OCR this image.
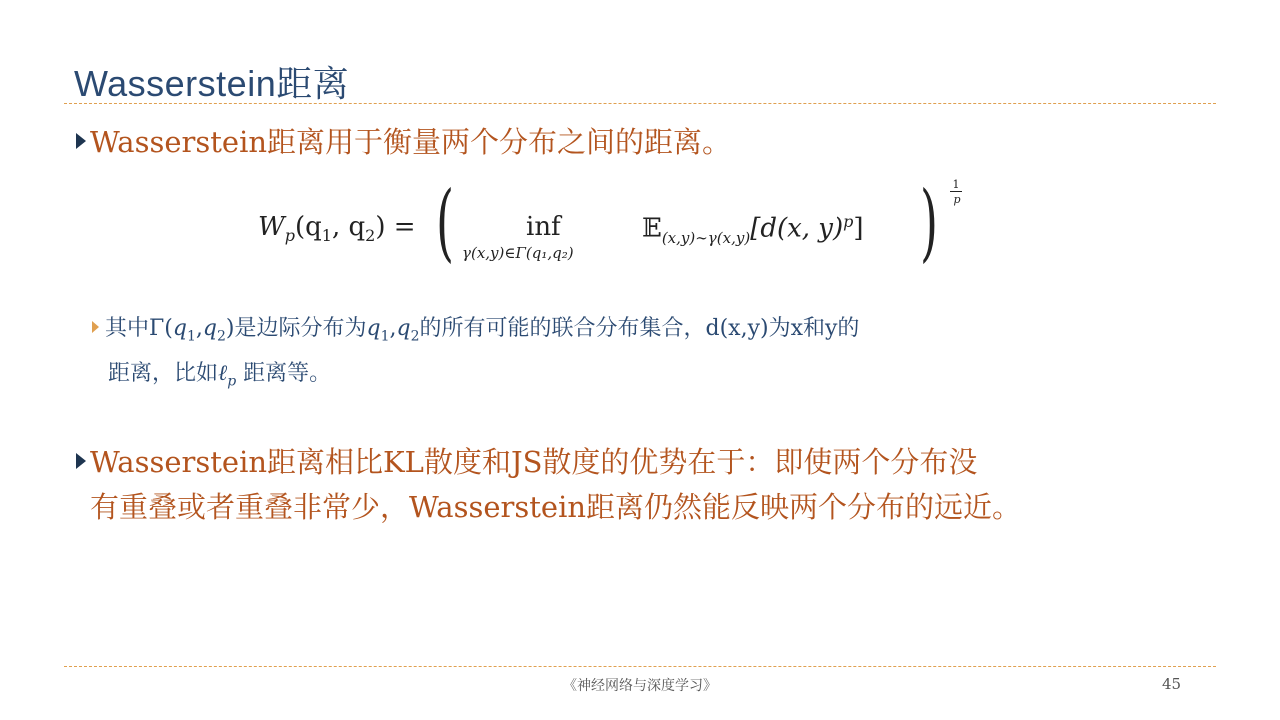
Wasserstein距离
Wasserstein距离用于衡量两个分布之间的距离。
$W_p(q_1$, $q_2$) = (	inf
γ(x,y)∈Γ(q₁,q₂)
𝔼$_{(x,y)\sim\gamma(x,y)}$[d(x, y)$^p$] ) 1
p
其中$\Gamma(q_1,q_2)$是边际分布为$q_1,q_2$的所有可能的联合分布集合，d(x,y)为x和y的
距离，比如ℓ$_p$ 距离等。
Wasserstein距离相比KL散度和JS散度的优势在于：即使两个分布没
有重叠或者重叠非常少，Wasserstein距离仍然能反映两个分布的远近。
《神经网络与深度学习》	45
